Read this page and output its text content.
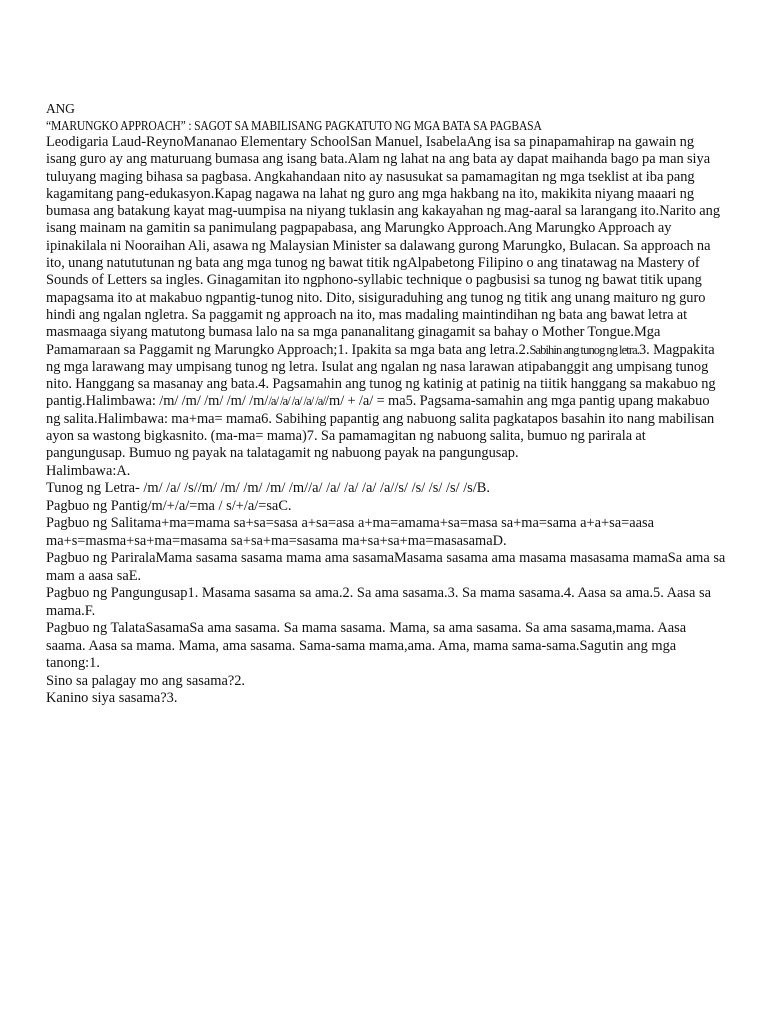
ANG
“MARUNGKO APPROACH” : SAGOT SA MABILISANG PAGKATUTO NG MGA BATA SA PAGBASA

Leodigaria Laud-ReynoMananao Elementary SchoolSan Manuel, IsabelaAng isa sa pinapamahirap na gawain ng isang guro ay ang maturuang bumasa ang isang bata.Alam ng lahat na ang bata ay dapat maihanda bago pa man siya tuluyang maging bihasa sa pagbasa. Angkahandaan nito ay nasusukat sa pamamagitan ng mga tseklist at iba pang kagamitang pang-edukasyon.Kapag nagawa na lahat ng guro ang mga hakbang na ito, makikita niyang maaari ng bumasa ang batakung kayat mag-uumpisa na niyang tuklasin ang kakayahan ng mag-aaral sa larangang ito.Narito ang isang mainam na gamitin sa panimulang pagpapabasa, ang Marungko Approach.Ang Marungko Approach ay ipinakilala ni Nooraihan Ali, asawa ng Malaysian Minister sa dalawang gurong Marungko, Bulacan. Sa approach na ito, unang natututunan ng bata ang mga tunog ng bawat titik ngAlpabetong Filipino o ang tinatawag na Mastery of Sounds of Letters sa ingles. Ginagamitan ito ngphono-syllabic technique o pagbusisi sa tunog ng bawat titik upang mapagsama ito at makabuo ngpantig-tunog nito. Dito, sisiguraduhing ang tunog ng titik ang unang maituro ng guro hindi ang ngalan ngletra. Sa paggamit ng approach na ito, mas madaling maintindihan ng bata ang bawat letra at masmaaga siyang matutong bumasa lalo na sa mga pananalitang ginagamit sa bahay o Mother Tongue.Mga Pamamaraan sa Paggamit ng Marungko Approach;1. Ipakita sa mga bata ang letra.2.Sabihin ang tunog ng letra.3. Magpakita ng mga larawang may umpisang tunog ng letra. Isulat ang ngalan ng nasa larawan atipabanggit ang umpisang tunog nito. Hanggang sa masanay ang bata.4. Pagsamahin ang tunog ng katinig at patinig na tiitik hanggang sa makabuo ng pantig.Halimbawa: /m/ /m/ /m/ /m/ /m//a/ /a/ /a/ /a/ /a//m/ + /a/ = ma5. Pagsama-samahin ang mga pantig upang makabuo ng salita.Halimbawa: ma+ma= mama6. Sabihing papantig ang nabuong salita pagkatapos basahin ito nang mabilisan ayon sa wastong bigkasnito. (ma-ma= mama)7. Sa pamamagitan ng nabuong salita, bumuo ng parirala at pangungusap. Bumuo ng payak na talatagamit ng nabuong payak na pangungusap.

Halimbawa:A.

Tunog ng Letra- /m/ /a/ /s//m/ /m/ /m/ /m/ /m//a/ /a/ /a/ /a/ /a//s/ /s/ /s/ /s/ /s/B.

Pagbuo ng Pantig/m/+/a/=ma / s/+/a/=saC.

Pagbuo ng Salitama+ma=mama sa+sa=sasa a+sa=asa a+ma=amama+sa=masa sa+ma=sama a+a+sa=aasa ma+s=masma+sa+ma=masama sa+sa+ma=sasama ma+sa+sa+ma=masasamaD.

Pagbuo ng PariralaMama sasama sasama mama ama sasamaMasama sasama ama masama masasama mamaSa ama sa mam a aasa saE.

Pagbuo ng Pangungusap1. Masama sasama sa ama.2. Sa ama sasama.3. Sa mama sasama.4. Aasa sa ama.5. Aasa sa mama.F.

Pagbuo ng TalataSasamaSa ama sasama. Sa mama sasama. Mama, sa ama sasama. Sa ama sasama,mama. Aasa saama. Aasa sa mama. Mama, ama sasama. Sama-sama mama,ama. Ama, mama sama-sama.Sagutin ang mga tanong:1.

Sino sa palagay mo ang sasama?2.

Kanino siya sasama?3.
